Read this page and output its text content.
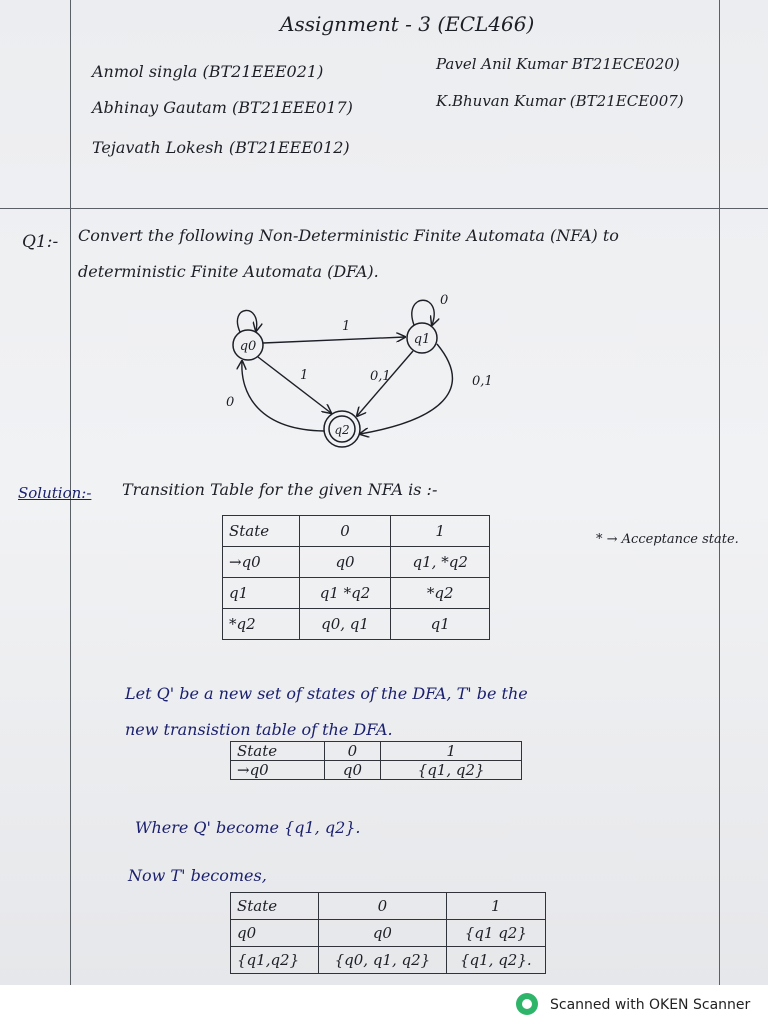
Assignment - 3 (ECL466)
Anmol singla (BT21EEE021)	Pavel Anil Kumar BT21ECE020)
Abhinay Gautam (BT21EEE017)	K.Bhuvan Kumar (BT21ECE007)
Tejavath Lokesh (BT21EEE012)
Q1:- Convert the following Non-Deterministic Finite Automata (NFA) to
deterministic Finite Automata (DFA).
q0	q1
q2
1
0
1	0,1	0,1
0
Solution:- Transition Table for the given NFA is :-
* → Acceptance state.
State	0	1
→q0	q0	q1, *q2
q1	q1 *q2	*q2
*q2	q0, q1	q1
Let Q' be a new set of states of the DFA, T' be the
new transistion table of the DFA.
State	0	1
→q0	q0	{q1, q2}
Where Q' become {q1, q2}.
Now T' becomes,
State	0	1
q0	q0	{q1 q2}
{q1,q2}	{q0, q1, q2}	{q1, q2}.
Scanned with OKEN Scanner
